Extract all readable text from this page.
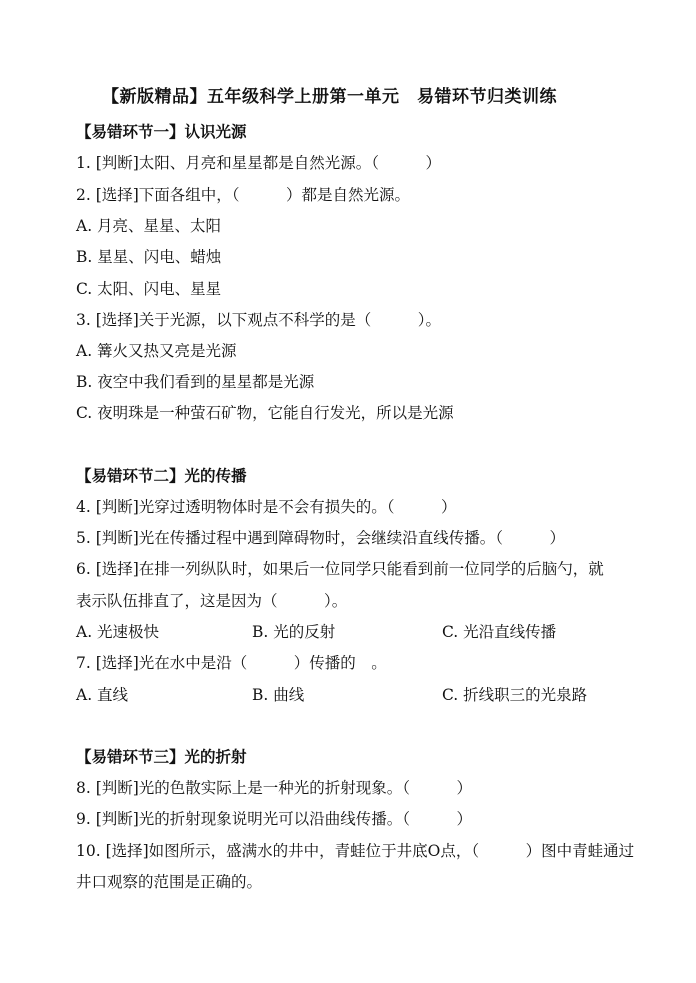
【新版精品】五年级科学上册第一单元　易错环节归类训练
【易错环节一】认识光源
1. [判断]太阳、月亮和星星都是自然光源。（　　　）
2. [选择]下面各组中，（　　　）都是自然光源。
A. 月亮、星星、太阳
B. 星星、闪电、蜡烛
C. 太阳、闪电、星星
3. [选择]关于光源，以下观点不科学的是（　　　）。
A. 篝火又热又亮是光源
B. 夜空中我们看到的星星都是光源
C. 夜明珠是一种萤石矿物，它能自行发光，所以是光源
【易错环节二】光的传播
4. [判断]光穿过透明物体时是不会有损失的。（　　　）
5. [判断]光在传播过程中遇到障碍物时，会继续沿直线传播。（　　　）
6. [选择]在排一列纵队时，如果后一位同学只能看到前一位同学的后脑勺，就
表示队伍排直了，这是因为（　　　）。
A. 光速极快	B. 光的反射	C. 光沿直线传播
7. [选择]光在水中是沿（　　　）传播的　。
A. 直线	B. 曲线	C. 折线职三的光泉路
【易错环节三】光的折射
8. [判断]光的色散实际上是一种光的折射现象。（　　　）
9. [判断]光的折射现象说明光可以沿曲线传播。（　　　）
10. [选择]如图所示，盛满水的井中，青蛙位于井底O点，（　　　）图中青蛙通过
井口观察的范围是正确的。
